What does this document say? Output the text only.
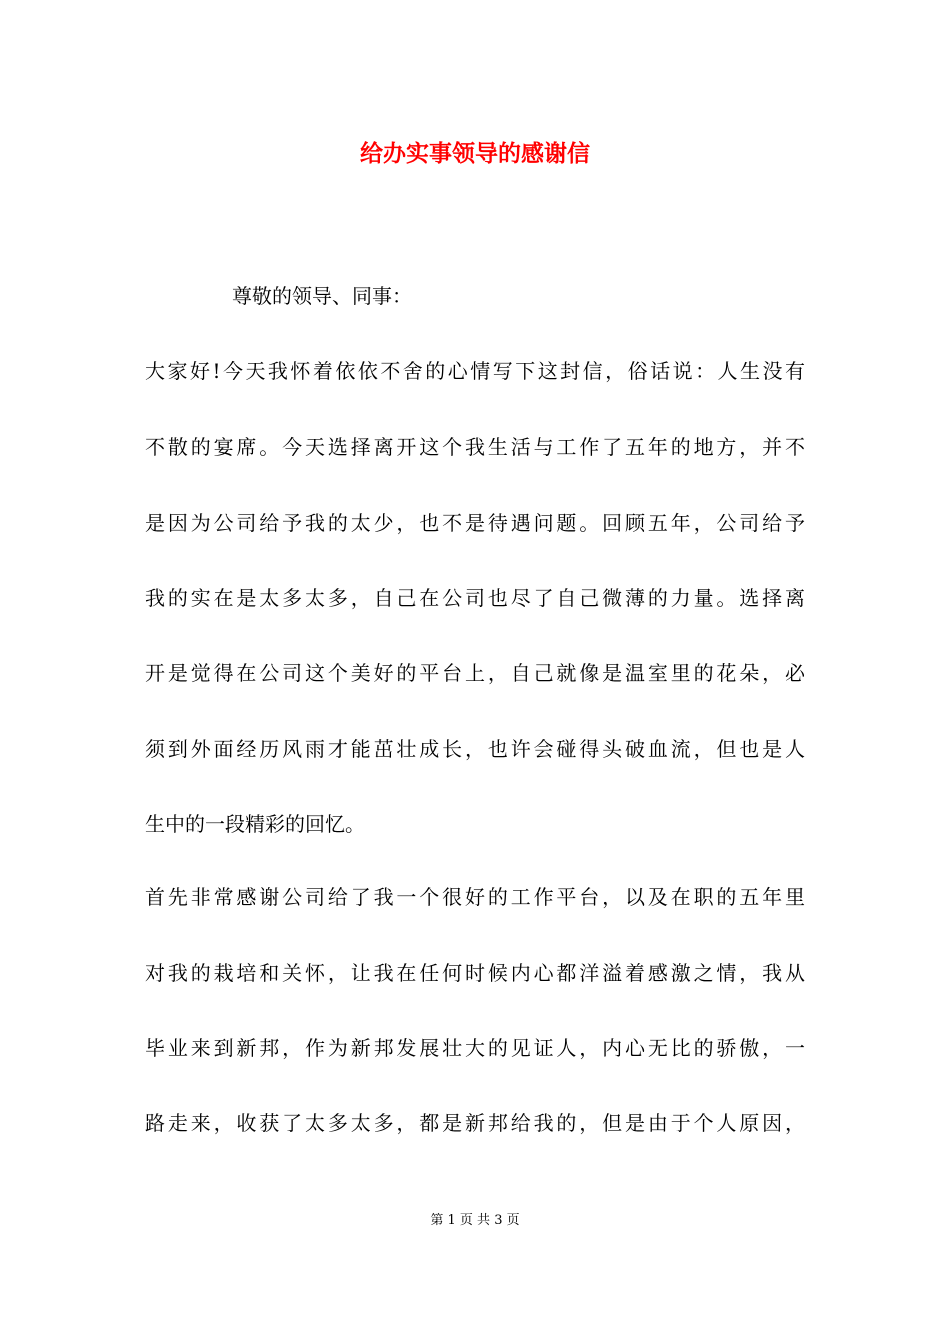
给办实事领导的感谢信
尊敬的领导、同事：
大家好!今天我怀着依依不舍的心情写下这封信，俗话说：人生没有
不散的宴席。今天选择离开这个我生活与工作了五年的地方，并不
是因为公司给予我的太少，也不是待遇问题。回顾五年，公司给予
我的实在是太多太多，自己在公司也尽了自己微薄的力量。选择离
开是觉得在公司这个美好的平台上，自己就像是温室里的花朵，必
须到外面经历风雨才能茁壮成长，也许会碰得头破血流，但也是人
生中的一段精彩的回忆。
首先非常感谢公司给了我一个很好的工作平台，以及在职的五年里
对我的栽培和关怀，让我在任何时候内心都洋溢着感激之情，我从
毕业来到新邦，作为新邦发展壮大的见证人，内心无比的骄傲，一
路走来，收获了太多太多，都是新邦给我的，但是由于个人原因，
第 1 页 共 3 页
